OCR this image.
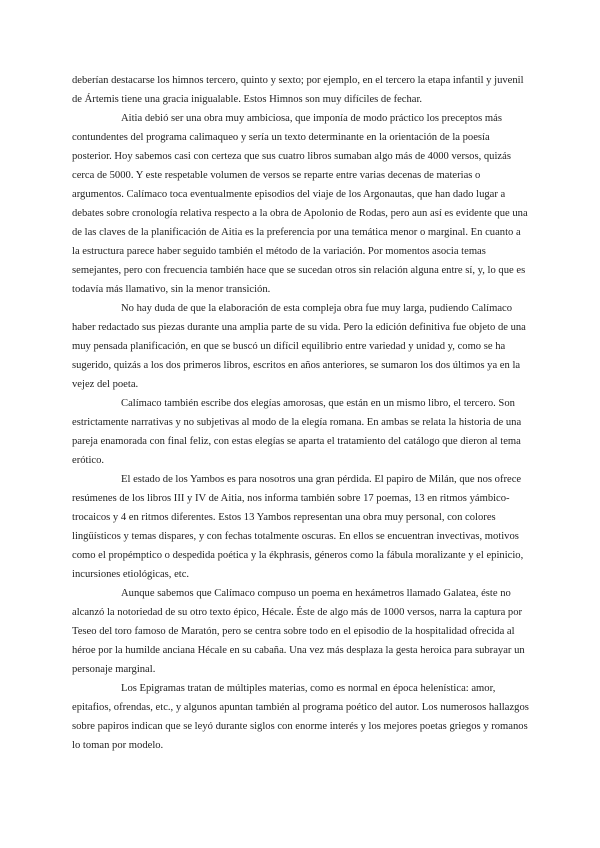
deberían destacarse los himnos tercero, quinto y sexto; por ejemplo, en el tercero la etapa infantil y juvenil de Ártemis tiene una gracia inigualable. Estos Himnos son muy difíciles de fechar.

Aitia debió ser una obra muy ambiciosa, que imponía de modo práctico los preceptos más contundentes del programa calimaqueo y sería un texto determinante en la orientación de la poesía posterior. Hoy sabemos casi con certeza que sus cuatro libros sumaban algo más de 4000 versos, quizás cerca de 5000. Y este respetable volumen de versos se reparte entre varias decenas de materias o argumentos. Calímaco toca eventualmente episodios del viaje de los Argonautas, que han dado lugar a debates sobre cronología relativa respecto a la obra de Apolonio de Rodas, pero aun así es evidente que una de las claves de la planificación de Aitia es la preferencia por una temática menor o marginal. En cuanto a la estructura parece haber seguido también el método de la variación. Por momentos asocia temas semejantes, pero con frecuencia también hace que se sucedan otros sin relación alguna entre sí, y, lo que es todavía más llamativo, sin la menor transición.

No hay duda de que la elaboración de esta compleja obra fue muy larga, pudiendo Calímaco haber redactado sus piezas durante una amplia parte de su vida. Pero la edición definitiva fue objeto de una muy pensada planificación, en que se buscó un difícil equilibrio entre variedad y unidad y, como se ha sugerido, quizás a los dos primeros libros, escritos en años anteriores, se sumaron los dos últimos ya en la vejez del poeta.

Calímaco también escribe dos elegías amorosas, que están en un mismo libro, el tercero. Son estrictamente narrativas y no subjetivas al modo de la elegía romana. En ambas se relata la historia de una pareja enamorada con final feliz, con estas elegías se aparta el tratamiento del catálogo que dieron al tema erótico.

El estado de los Yambos es para nosotros una gran pérdida. El papiro de Milán, que nos ofrece resúmenes de los libros III y IV de Aitia, nos informa también sobre 17 poemas, 13 en ritmos yámbico-trocaicos y 4 en ritmos diferentes. Estos 13 Yambos representan una obra muy personal, con colores lingüísticos y temas dispares, y con fechas totalmente oscuras. En ellos se encuentran invectivas, motivos como el propémptico o despedida poética y la ékphrasis, géneros como la fábula moralizante y el epinicio, incursiones etiológicas, etc.

Aunque sabemos que Calímaco compuso un poema en hexámetros llamado Galatea, éste no alcanzó la notoriedad de su otro texto épico, Hécale. Éste de algo más de 1000 versos, narra la captura por Teseo del toro famoso de Maratón, pero se centra sobre todo en el episodio de la hospitalidad ofrecida al héroe por la humilde anciana Hécale en su cabaña. Una vez más desplaza la gesta heroica para subrayar un personaje marginal.

Los Epigramas tratan de múltiples materias, como es normal en época helenística: amor, epitafios, ofrendas, etc., y algunos apuntan también al programa poético del autor. Los numerosos hallazgos sobre papiros indican que se leyó durante siglos con enorme interés y los mejores poetas griegos y romanos lo toman por modelo.
